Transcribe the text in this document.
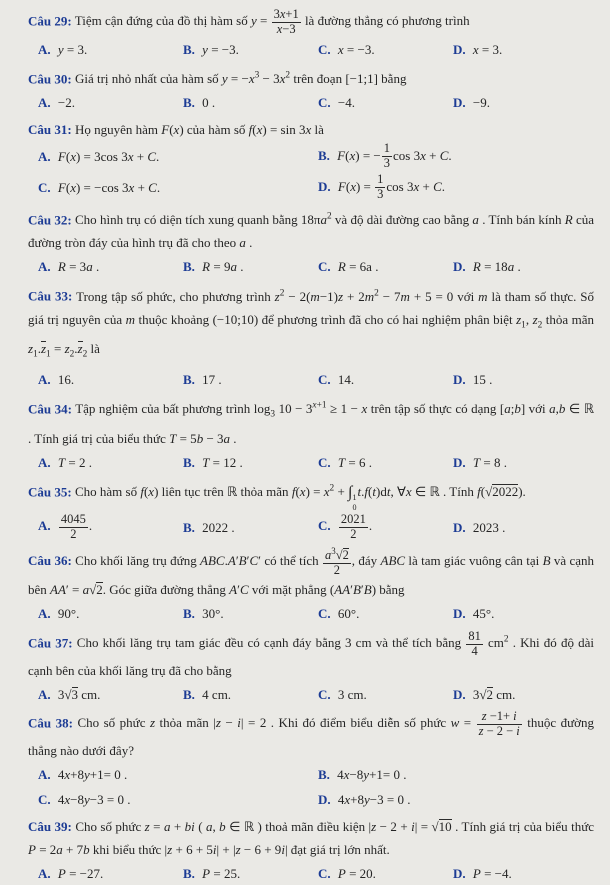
Câu 29: Tiệm cận đứng của đồ thị hàm số $y = \frac{3x+1}{x-3}$ là đường thẳng có phương trình

A. y = 3.	B. y = −3.	C. x = −3.	D. x = 3.

Câu 30: Giá trị nhỏ nhất của hàm số $y = -x^3 - 3x^2$ trên đoạn [−1;1] bằng

A. −2.	B. 0 .	C. −4.	D. −9.

Câu 31: Họ nguyên hàm F(x) của hàm số f(x) = sin 3x là

A. F(x) = 3cos 3x + C.	B. F(x) = − $\frac{1}{3}$ cos 3x + C.
C. F(x) = −cos 3x + C.	D. $F(x) = \frac{1}{3}$ cos 3x + C.

Câu 32: Cho hình trụ có diện tích xung quanh bằng $18\pi a^2$ và độ dài đường cao bằng a . Tính bán kính R của đường tròn đáy của hình trụ đã cho theo a .

A. R = 3a .	B. R = 9a .	C. R = 6a .	D. R = 18a .

Câu 33: Trong tập số phức, cho phương trình $z^2 - 2(m-1)z + 2m^2 - 7m + 5 = 0$ với m là tham số thực. Số giá trị nguyên của m thuộc khoảng (−10;10) để phương trình đã cho có hai nghiệm phân biệt $z_1$, $z_2$ thỏa mãn $z_1.z_1 = z_2.z_2$ là

A. 16.	B. 17 .	C. 14.	D. 15 .

Câu 34: Tập nghiệm của bất phương trình $\log_3 10 - 3^{x+1} \ge 1 - x$ trên tập số thực có dạng [a;b] với a,b ∈ ℝ . Tính giá trị của biểu thức T = 5b − 3a .

A. T = 2 .	B. T = 12 .	C. T = 6 .	D. T = 8 .

Câu 35: Cho hàm số f(x) liên tục trên ℝ thỏa mãn $f(x) = x^2$ + ∫ 1
0
t.f(t)dt, ∀x ∈ ℝ . Tính f(√2022).

A. $\frac{4045}{2}$ .	B. 2022 .	C. $\frac{2021}{2}$ .	D. 2023 .

Câu 36: Cho khối lăng trụ đứng ABC.A′B′C′ có thể tích $\frac{a^3√2}{2}$ , đáy ABC là tam giác vuông cân tại B và cạnh bên AA′ = a√2. Góc giữa đường thẳng A′C với mặt phẳng (AA′B′B) bằng

A. 90°.	B. 30°.	C. 60°.	D. 45°.

Câu 37: Cho khối lăng trụ tam giác đều có cạnh đáy bằng 3 cm và thể tích bằng $\frac{81}{4} cm^2$ . Khi đó độ dài cạnh bên của khối lăng trụ đã cho bằng

A. 3√3 cm.	B. 4 cm.	C. 3 cm.	D. 3√2 cm.

Câu 38: Cho số phức z thỏa mãn |z − i| = 2 . Khi đó điểm biểu diễn số phức $w = \frac{z -1+ i}{z - 2 - i}$ thuộc đường thẳng nào dưới đây?

A. 4x+8y+1= 0 .	B. 4x−8y+1= 0 .
C. 4x−8y−3 = 0 .	D. 4x+8y−3 = 0 .

Câu 39: Cho số phức z = a + bi ( a, b ∈ ℝ ) thoả mãn điều kiện |z − 2 + i| = √10 . Tính giá trị của biểu thức P = 2a + 7b khi biểu thức |z + 6 + 5i| + |z − 6 + 9i| đạt giá trị lớn nhất.

A. P = −27.	B. P = 25.	C. P = 20.	D. P = −4.
